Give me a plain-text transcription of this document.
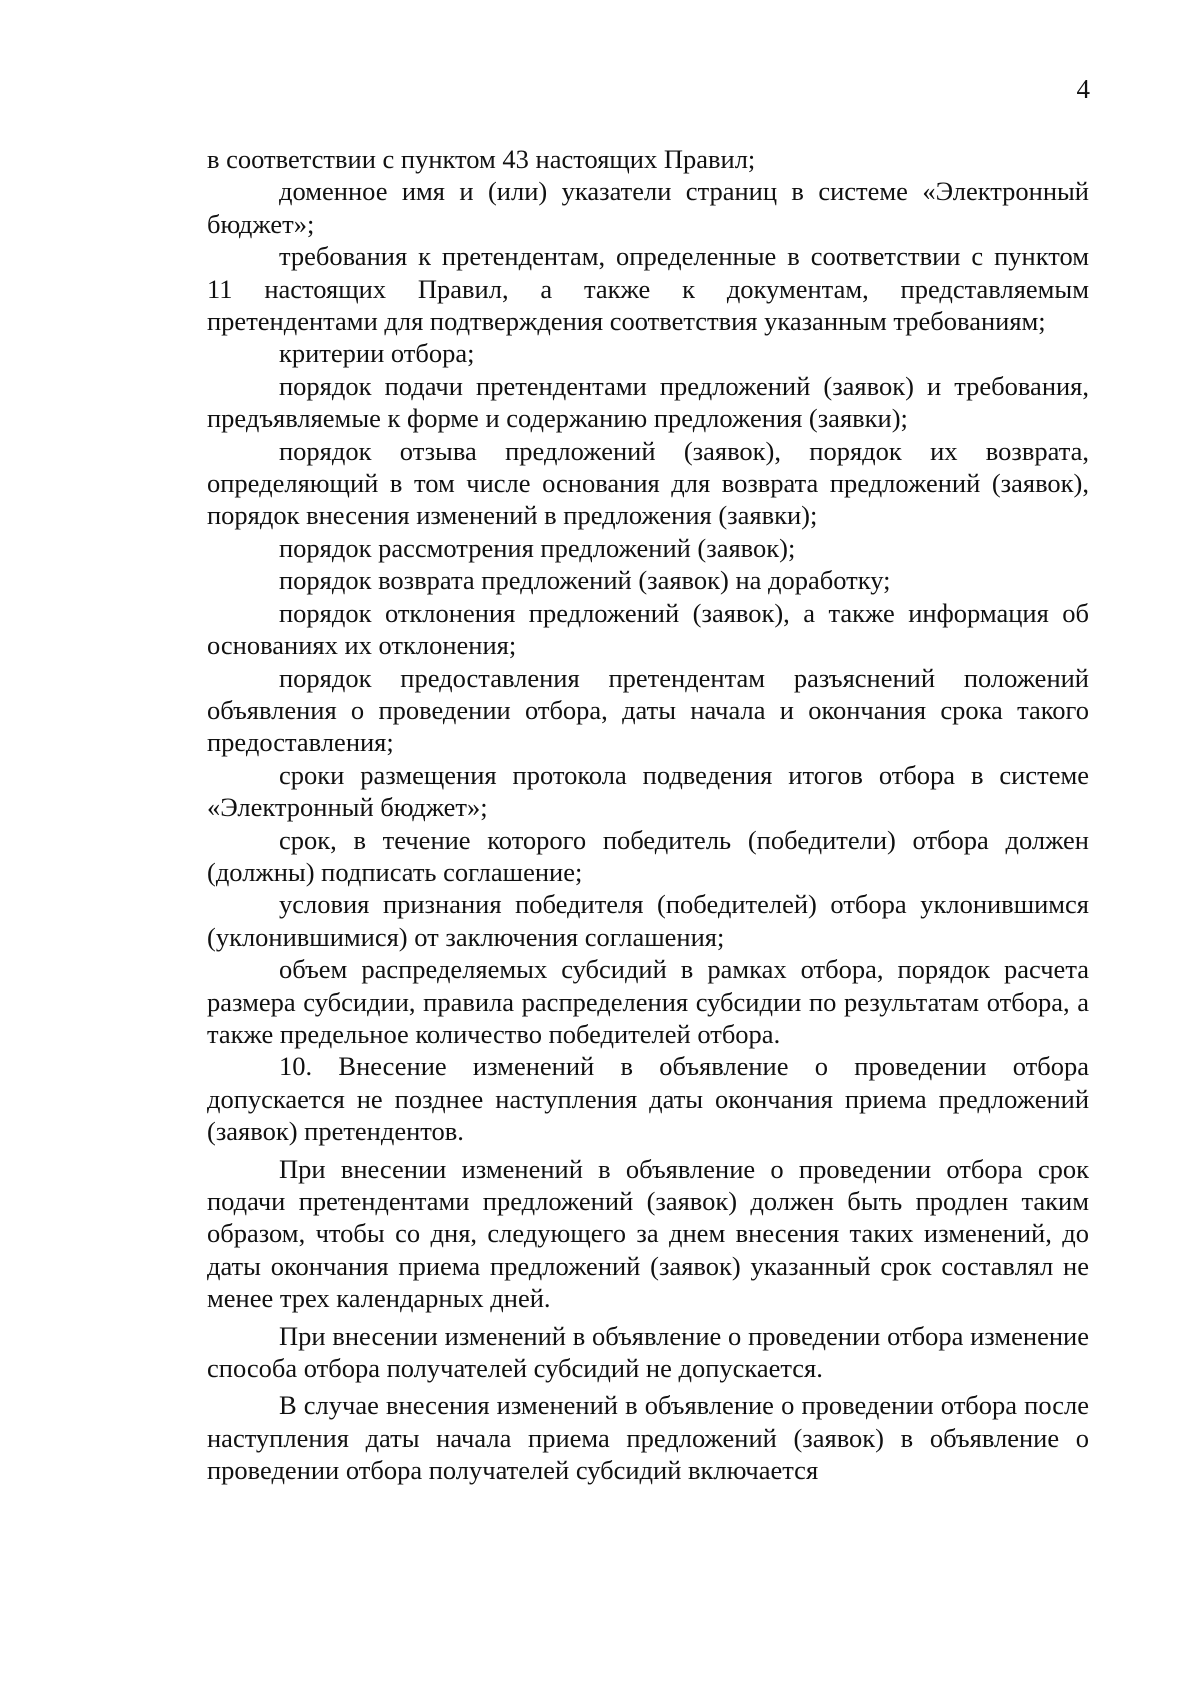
4

в соответствии с пунктом 43 настоящих Правил;

доменное имя и (или) указатели страниц в системе «Электронный бюджет»;

требования к претендентам, определенные в соответствии с пунктом 11 настоящих Правил, а также к документам, представляемым претендентами для подтверждения соответствия указанным требованиям;

критерии отбора;

порядок подачи претендентами предложений (заявок) и требования, предъявляемые к форме и содержанию предложения (заявки);

порядок отзыва предложений (заявок), порядок их возврата, определяющий в том числе основания для возврата предложений (заявок), порядок внесения изменений в предложения (заявки);

порядок рассмотрения предложений (заявок);

порядок возврата предложений (заявок) на доработку;

порядок отклонения предложений (заявок), а также информация об основаниях их отклонения;

порядок предоставления претендентам разъяснений положений объявления о проведении отбора, даты начала и окончания срока такого предоставления;

сроки размещения протокола подведения итогов отбора в системе «Электронный бюджет»;

срок, в течение которого победитель (победители) отбора должен (должны) подписать соглашение;

условия признания победителя (победителей) отбора уклонившимся (уклонившимися) от заключения соглашения;

объем распределяемых субсидий в рамках отбора, порядок расчета размера субсидии, правила распределения субсидии по результатам отбора, а также предельное количество победителей отбора.

10. Внесение изменений в объявление о проведении отбора допускается не позднее наступления даты окончания приема предложений (заявок) претендентов.

При внесении изменений в объявление о проведении отбора срок подачи претендентами предложений (заявок) должен быть продлен таким образом, чтобы со дня, следующего за днем внесения таких изменений, до даты окончания приема предложений (заявок) указанный срок составлял не менее трех календарных дней.

При внесении изменений в объявление о проведении отбора изменение способа отбора получателей субсидий не допускается.

В случае внесения изменений в объявление о проведении отбора после наступления даты начала приема предложений (заявок) в объявление о проведении отбора получателей субсидий включается
